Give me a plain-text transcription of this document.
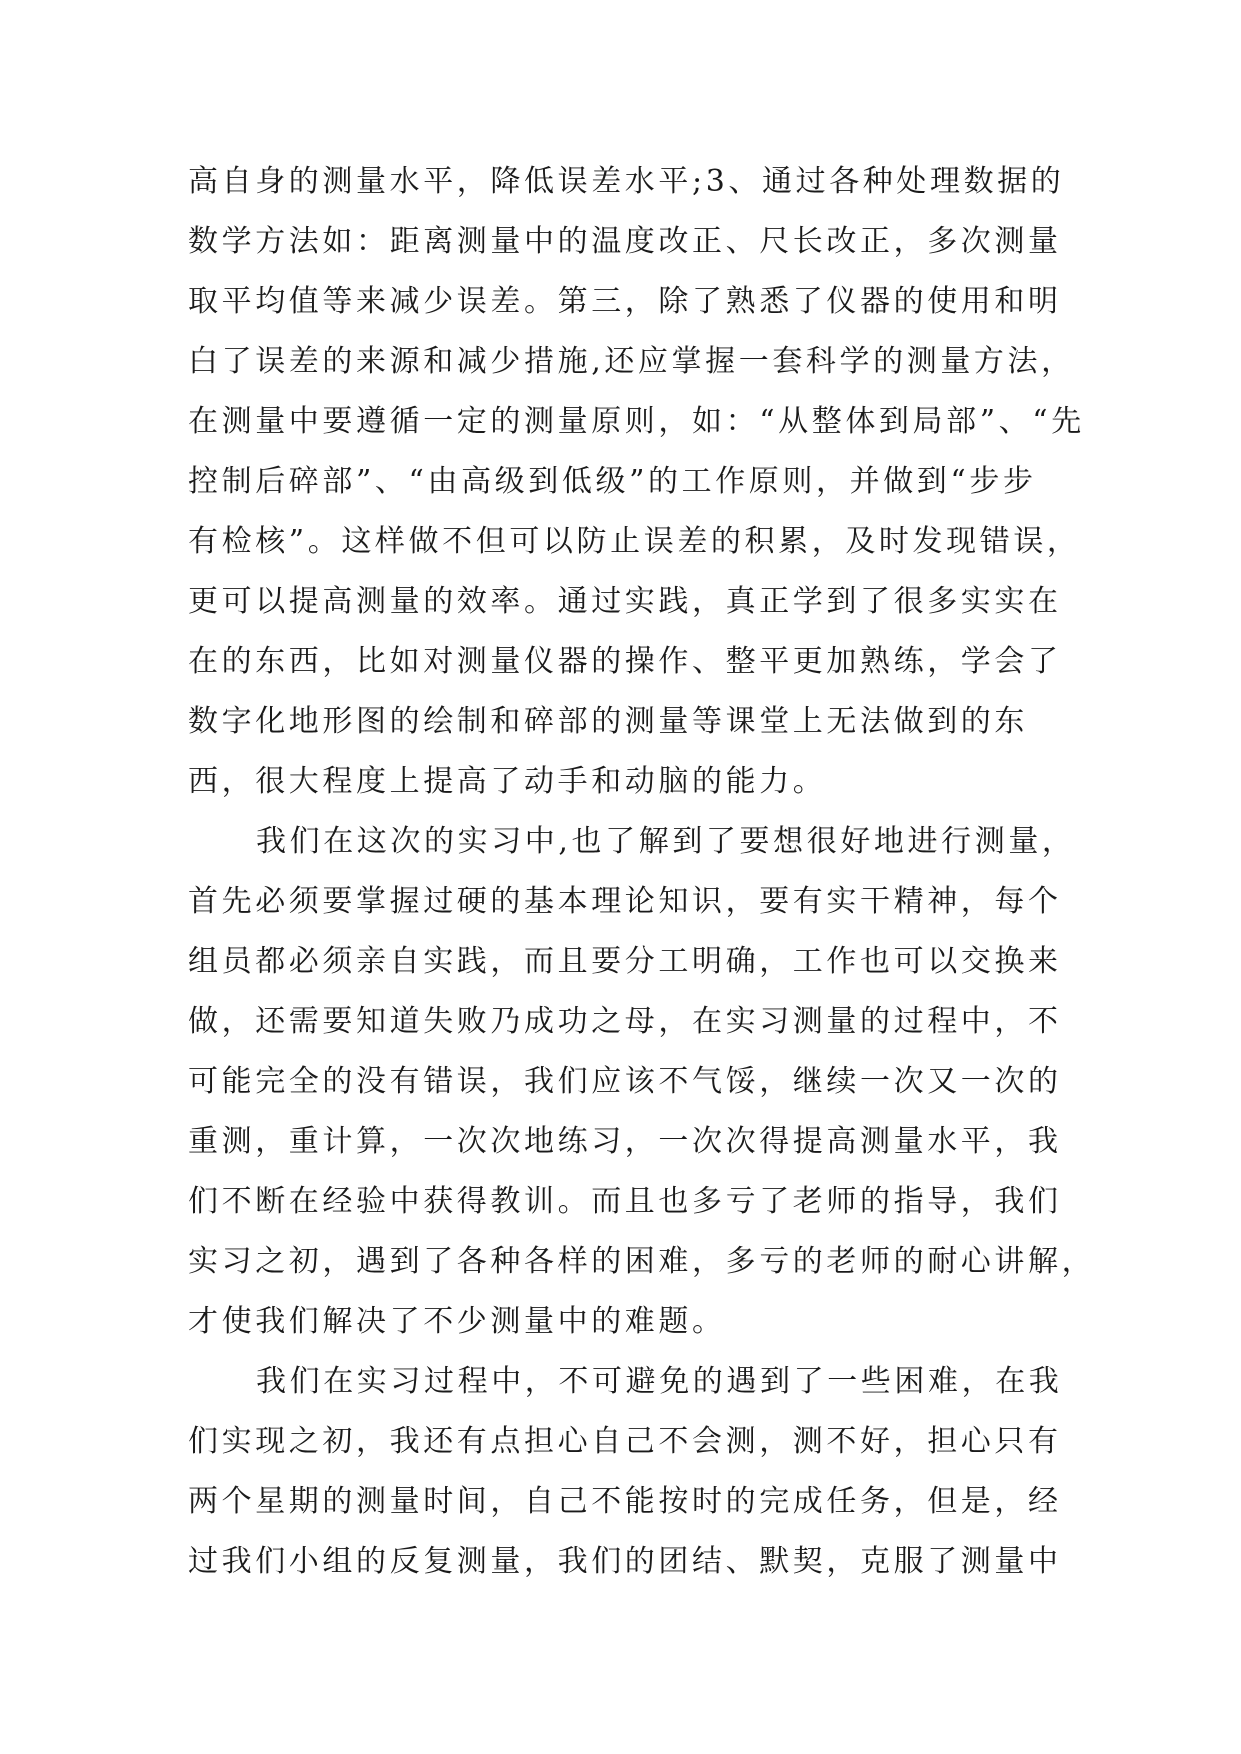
高自身的测量水平，降低误差水平;3、通过各种处理数据的
数学方法如：距离测量中的温度改正、尺长改正，多次测量
取平均值等来减少误差。第三，除了熟悉了仪器的使用和明
白了误差的来源和减少措施,还应掌握一套科学的测量方法，
在测量中要遵循一定的测量原则，如：“从整体到局部”、“先
控制后碎部”、“由高级到低级”的工作原则，并做到“步步
有检核”。这样做不但可以防止误差的积累，及时发现错误，
更可以提高测量的效率。通过实践，真正学到了很多实实在
在的东西，比如对测量仪器的操作、整平更加熟练，学会了
数字化地形图的绘制和碎部的测量等课堂上无法做到的东
西，很大程度上提高了动手和动脑的能力。
我们在这次的实习中,也了解到了要想很好地进行测量，
首先必须要掌握过硬的基本理论知识，要有实干精神，每个
组员都必须亲自实践，而且要分工明确，工作也可以交换来
做，还需要知道失败乃成功之母，在实习测量的过程中，不
可能完全的没有错误，我们应该不气馁，继续一次又一次的
重测，重计算，一次次地练习，一次次得提高测量水平，我
们不断在经验中获得教训。而且也多亏了老师的指导，我们
实习之初，遇到了各种各样的困难，多亏的老师的耐心讲解，
才使我们解决了不少测量中的难题。
我们在实习过程中，不可避免的遇到了一些困难，在我
们实现之初，我还有点担心自己不会测，测不好，担心只有
两个星期的测量时间，自己不能按时的完成任务，但是，经
过我们小组的反复测量，我们的团结、默契，克服了测量中
